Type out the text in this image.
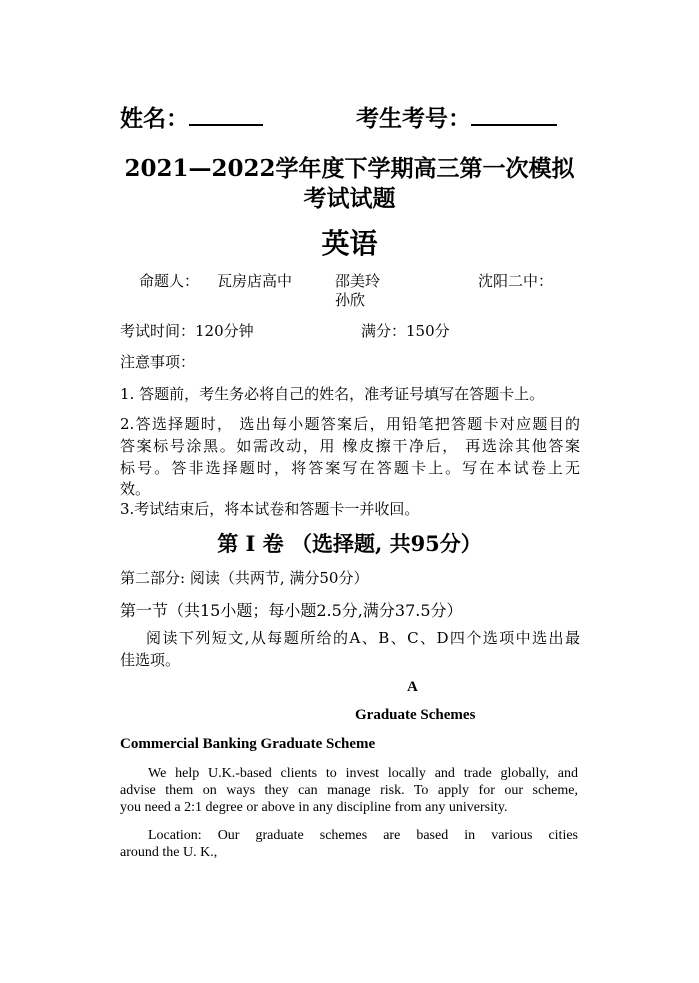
姓名：	考生考号：
2021—2022学年度下学期高三第一次模拟
考试试题
英语
命题人： 瓦房店高中	邵美玲	沈阳二中：
孙欣
考试时间：120分钟	满分：150分
注意事项：
1. 答题前，考生务必将自己的姓名，准考证号填写在答题卡上。
2.答选择题时， 选出每小题答案后，用铅笔把答题卡对应题目的
答案标号涂黑。如需改动，用 橡皮擦干净后， 再选涂其他答案
标号。答非选择题时，将答案写在答题卡上。写在本试卷上无
效。
3.考试结束后，将本试卷和答题卡一并收回。
第 I 卷 （选择题, 共95分）
第二部分: 阅读（共两节, 满分50分）
第一节（共15小题；每小题2.5分,满分37.5分）
阅读下列短文,从每题所给的A、B、C、D四个选项中选出最
佳选项。
A
Graduate Schemes
Commercial Banking Graduate Scheme
We help U.K.-based clients to invest locally and trade globally, and
advise them on ways they can manage risk. To apply for our scheme,
you need a 2:1 degree or above in any discipline from any university.
Location: Our graduate schemes are based in various cities
around the U. K.,
